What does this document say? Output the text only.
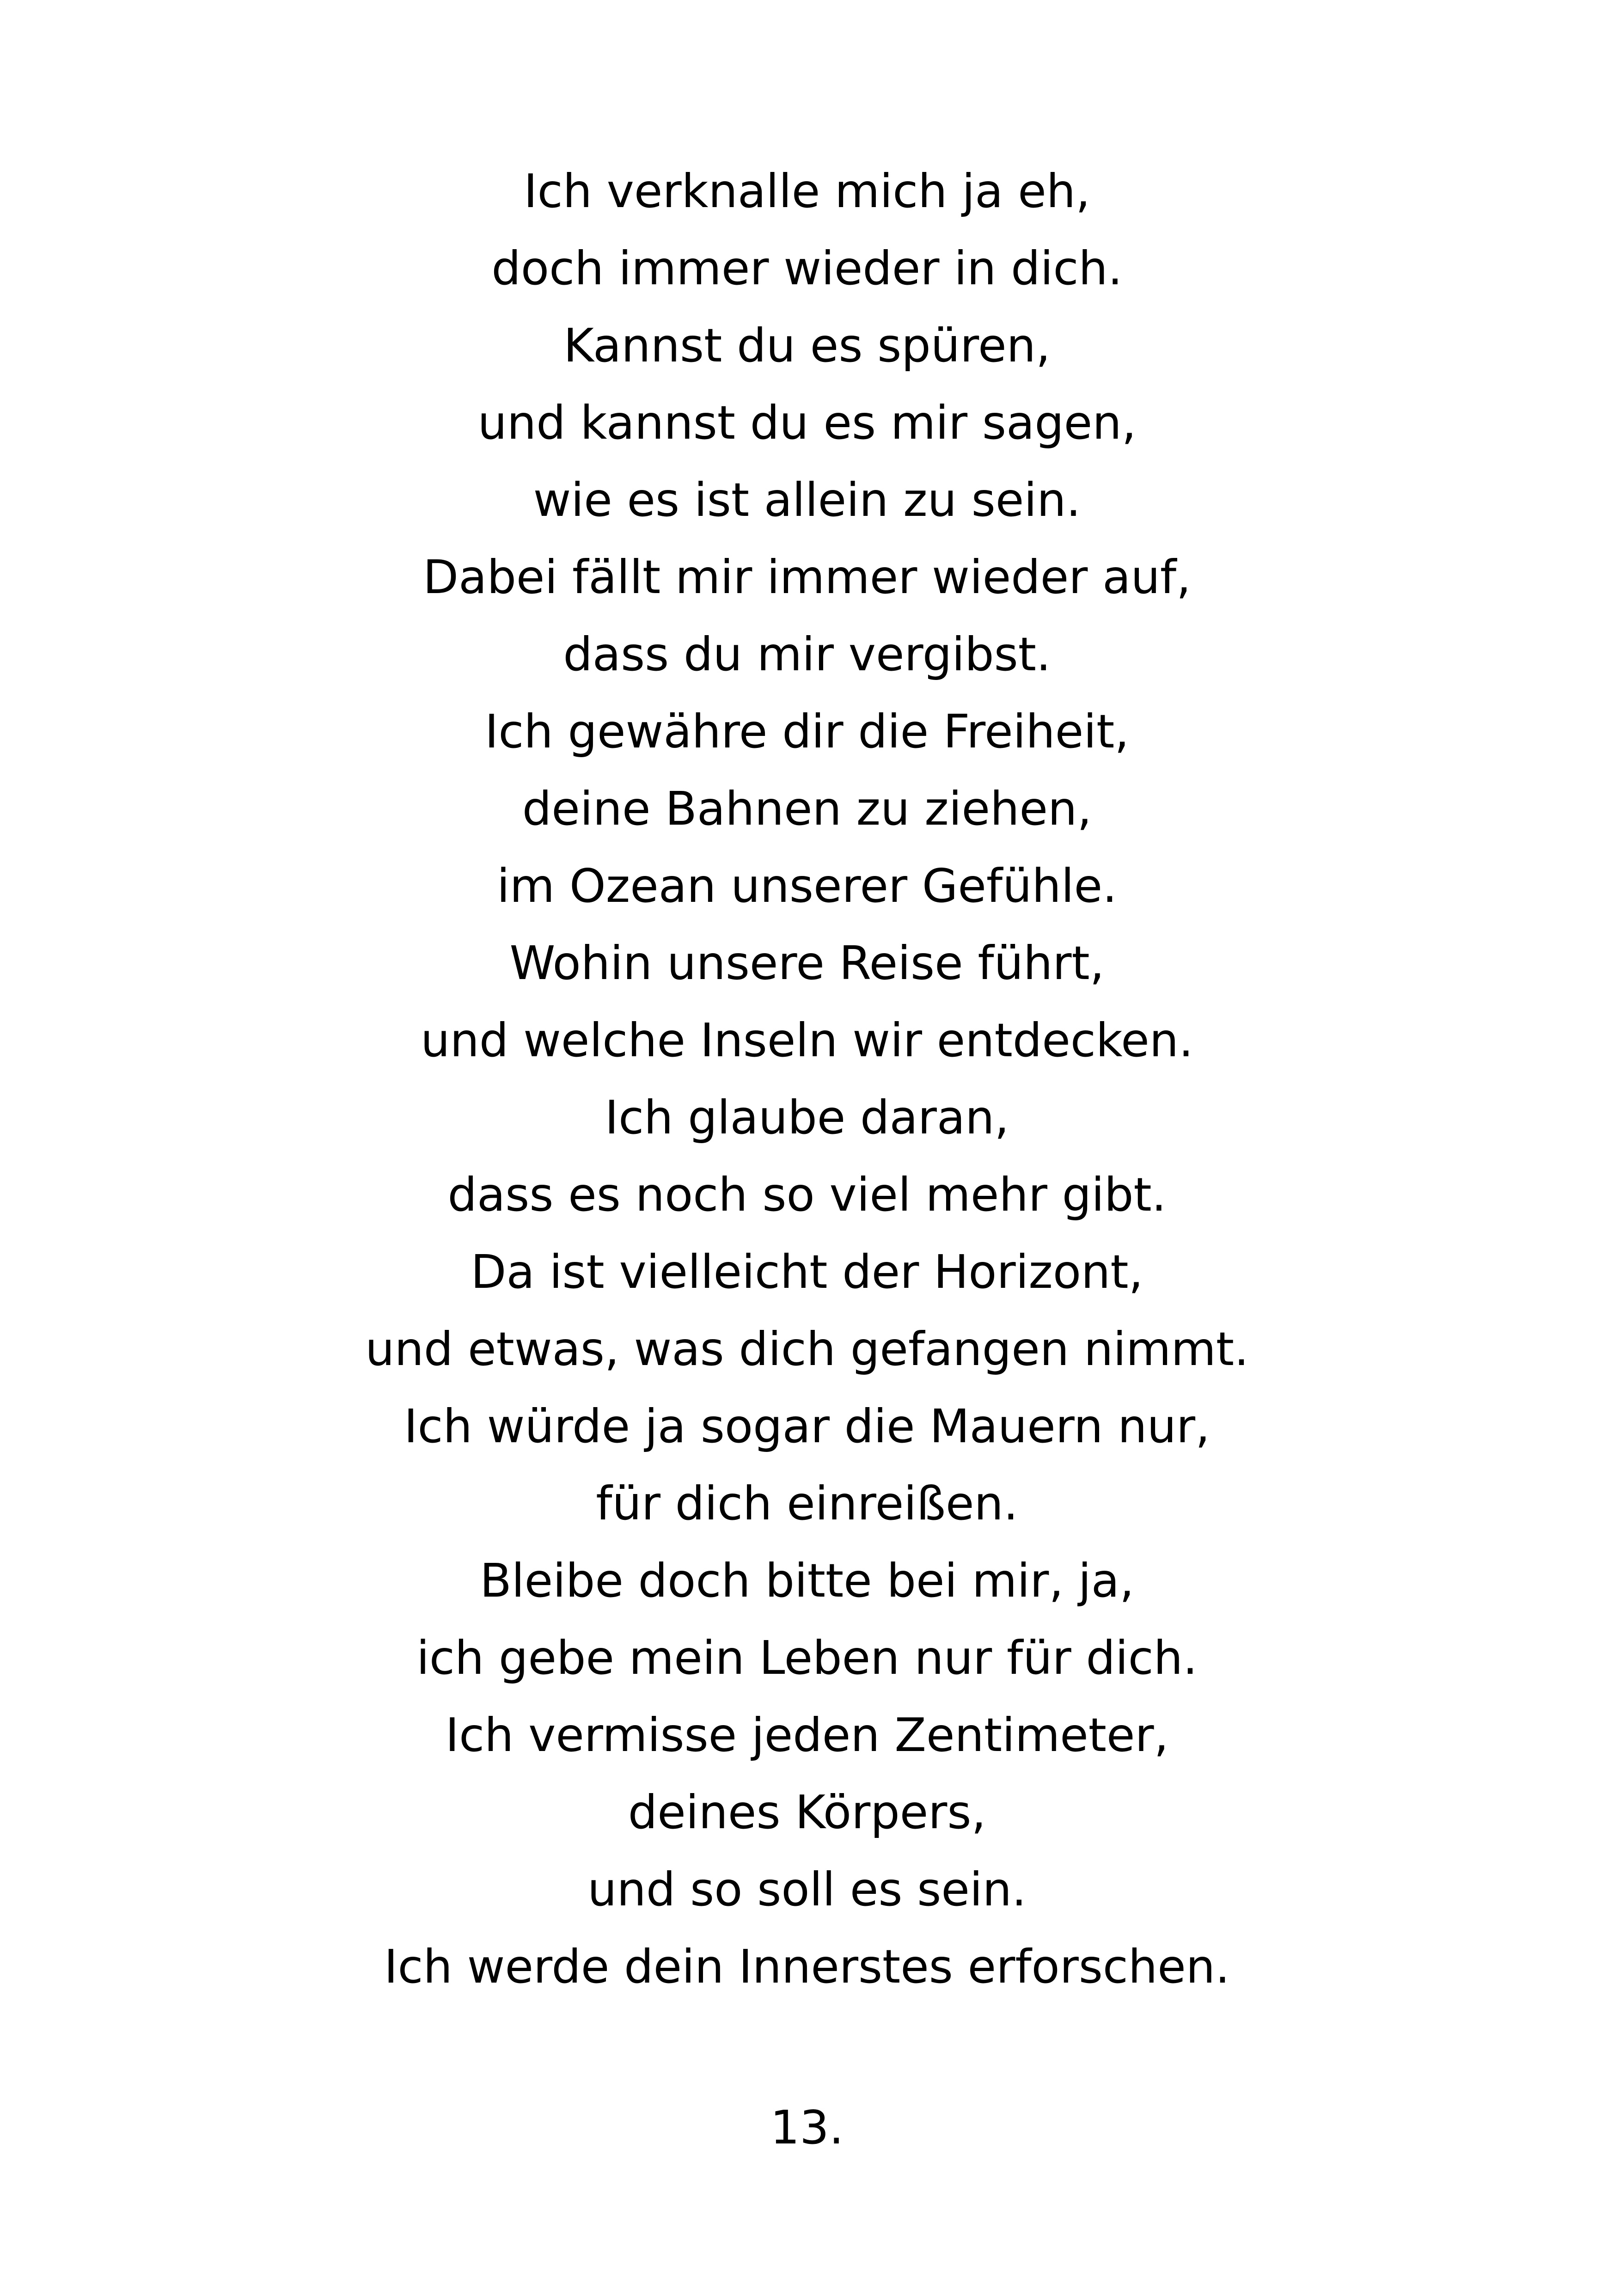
Ich verknalle mich ja eh,
doch immer wieder in dich.
Kannst du es spüren,
und kannst du es mir sagen,
wie es ist allein zu sein.
Dabei fällt mir immer wieder auf,
dass du mir vergibst.
Ich gewähre dir die Freiheit,
deine Bahnen zu ziehen,
im Ozean unserer Gefühle.
Wohin unsere Reise führt,
und welche Inseln wir entdecken.
Ich glaube daran,
dass es noch so viel mehr gibt.
Da ist vielleicht der Horizont,
und etwas, was dich gefangen nimmt.
Ich würde ja sogar die Mauern nur,
für dich einreißen.
Bleibe doch bitte bei mir, ja,
ich gebe mein Leben nur für dich.
Ich vermisse jeden Zentimeter,
deines Körpers,
und so soll es sein.
Ich werde dein Innerstes erforschen.
13.
